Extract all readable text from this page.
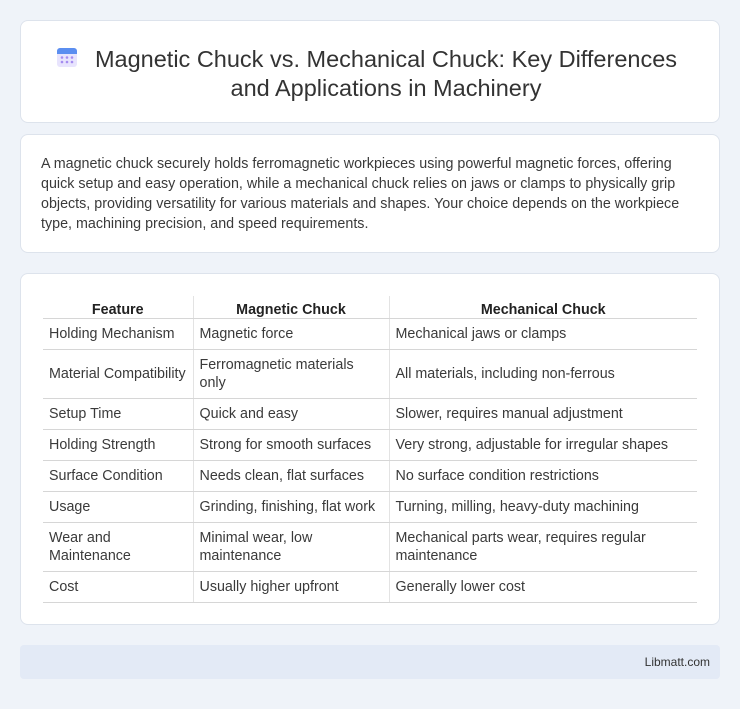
Magnetic Chuck vs. Mechanical Chuck: Key Differences and Applications in Machinery

A magnetic chuck securely holds ferromagnetic workpieces using powerful magnetic forces, offering quick setup and easy operation, while a mechanical chuck relies on jaws or clamps to physically grip objects, providing versatility for various materials and shapes. Your choice depends on the workpiece type, machining precision, and speed requirements.

Feature	Magnetic Chuck	Mechanical Chuck
Holding Mechanism	Magnetic force	Mechanical jaws or clamps
Material Compatibility	Ferromagnetic materials only	All materials, including non-ferrous
Setup Time	Quick and easy	Slower, requires manual adjustment
Holding Strength	Strong for smooth surfaces	Very strong, adjustable for irregular shapes
Surface Condition	Needs clean, flat surfaces	No surface condition restrictions
Usage	Grinding, finishing, flat work	Turning, milling, heavy-duty machining
Wear and Maintenance	Minimal wear, low maintenance	Mechanical parts wear, requires regular maintenance
Cost	Usually higher upfront	Generally lower cost
Libmatt.com
